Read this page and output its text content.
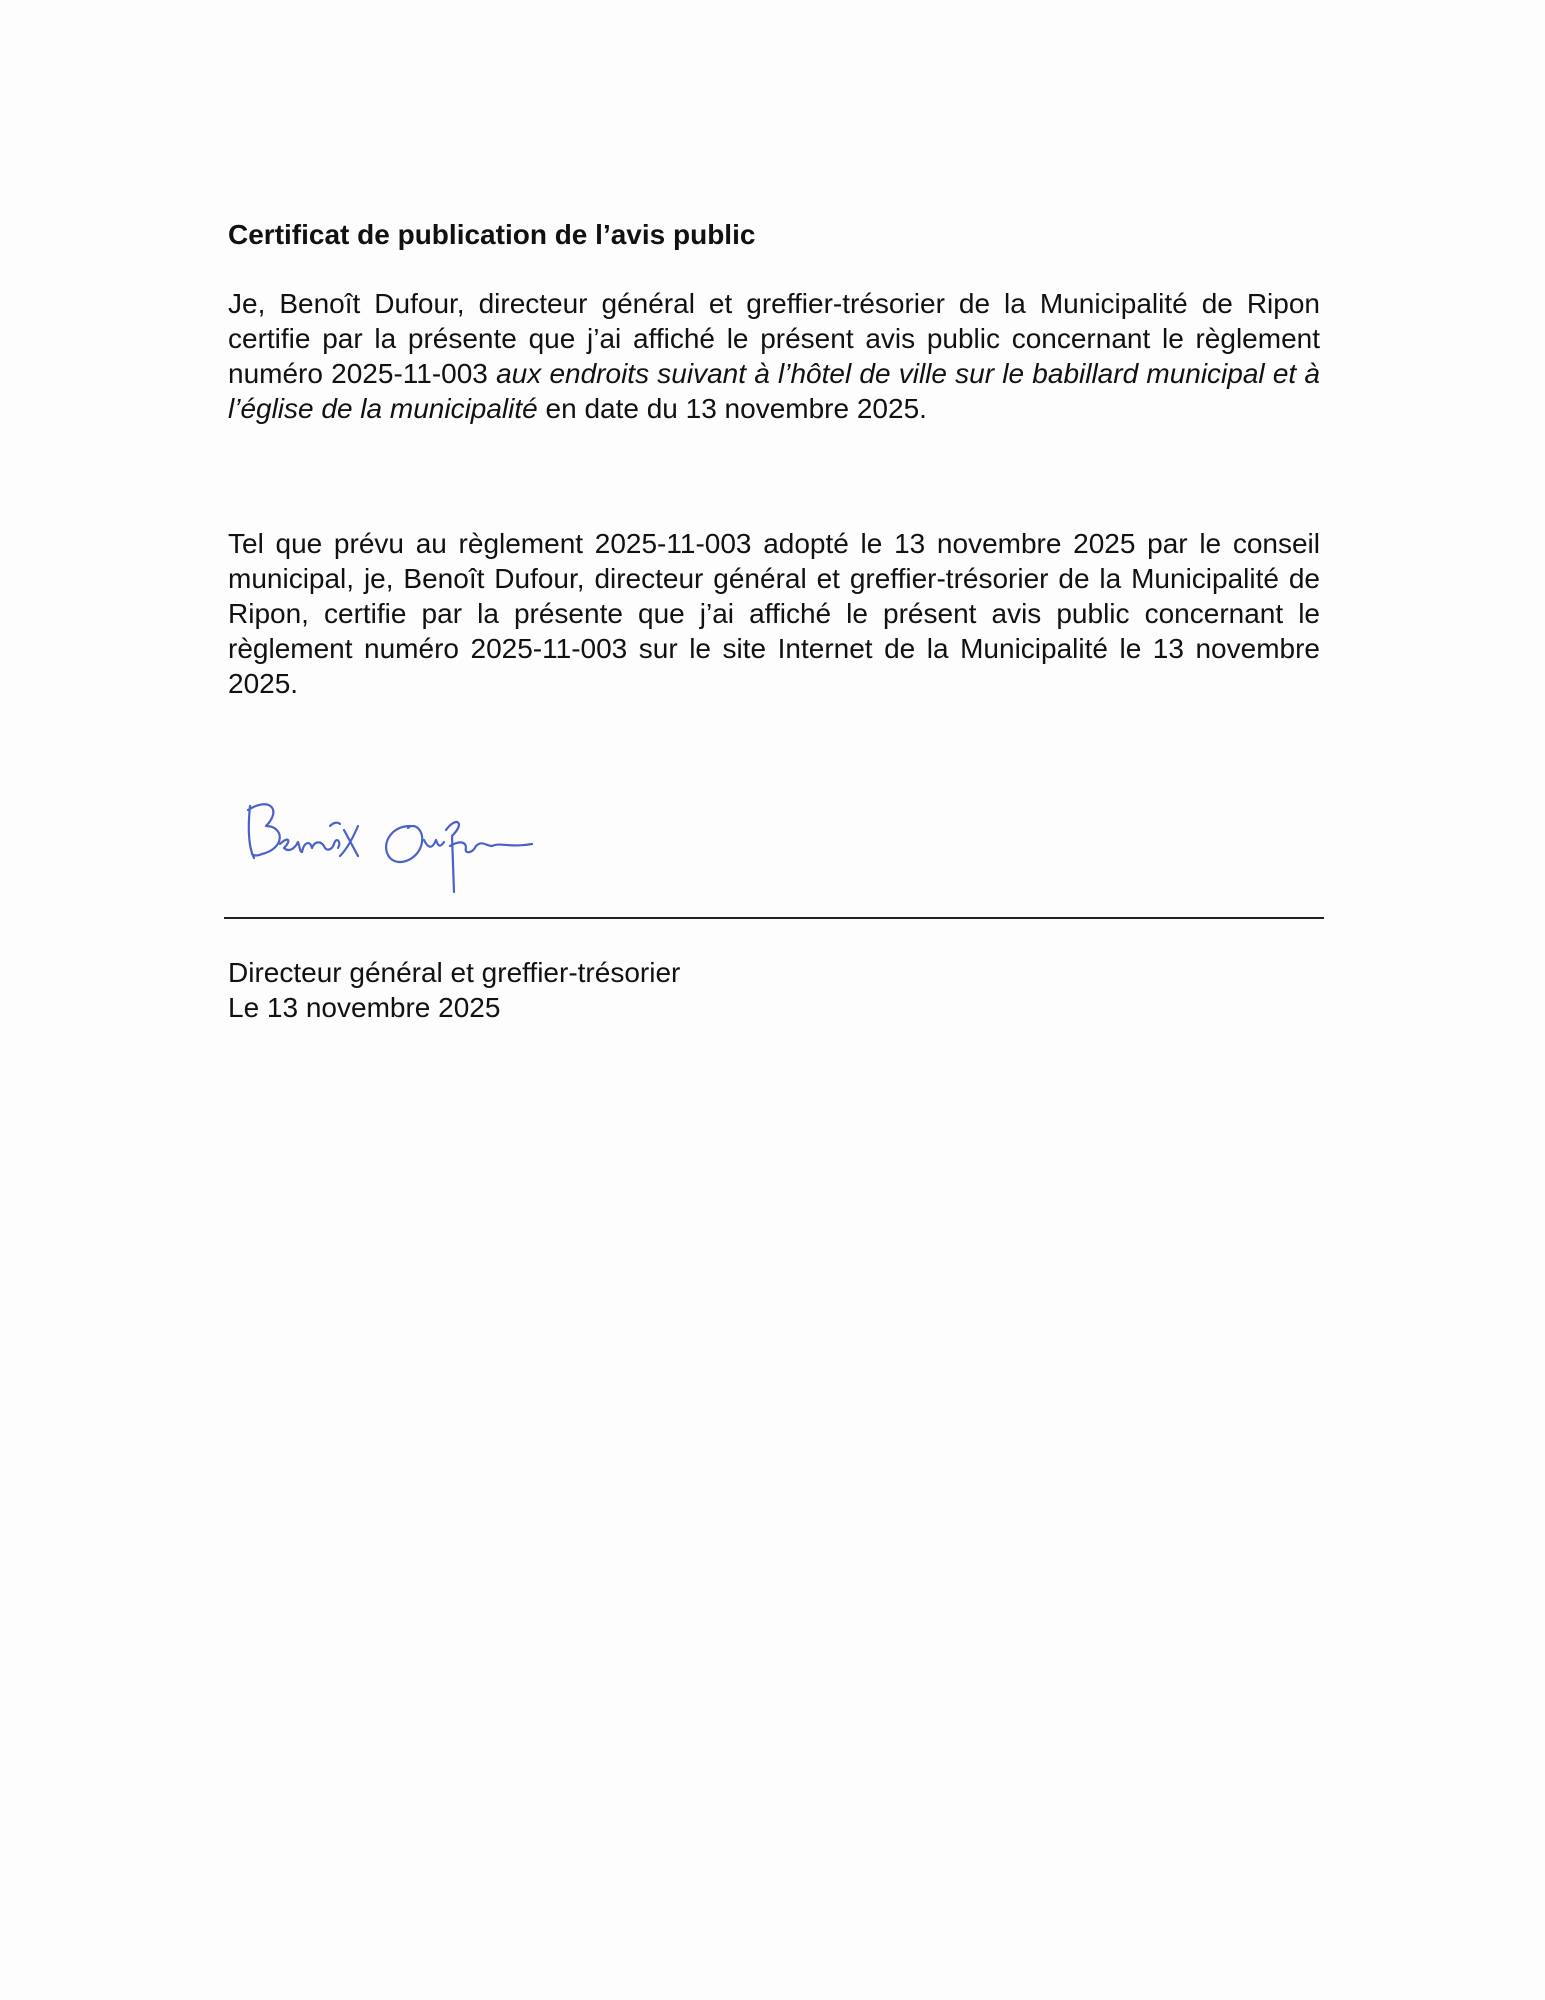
Certificat de publication de l’avis public

Je, Benoît Dufour, directeur général et greffier-trésorier de la Municipalité de Ripon certifie par la présente que j’ai affiché le présent avis public concernant le règlement numéro 2025-11-003 aux endroits suivant à l’hôtel de ville sur le babillard municipal et à l’église de la municipalité en date du 13 novembre 2025.

Tel que prévu au règlement 2025-11-003 adopté le 13 novembre 2025 par le conseil municipal, je, Benoît Dufour, directeur général et greffier-trésorier de la Municipalité de Ripon, certifie par la présente que j’ai affiché le présent avis public concernant le règlement numéro 2025-11-003 sur le site Internet de la Municipalité le 13 novembre 2025.

Directeur général et greffier-trésorier
Le 13 novembre 2025
